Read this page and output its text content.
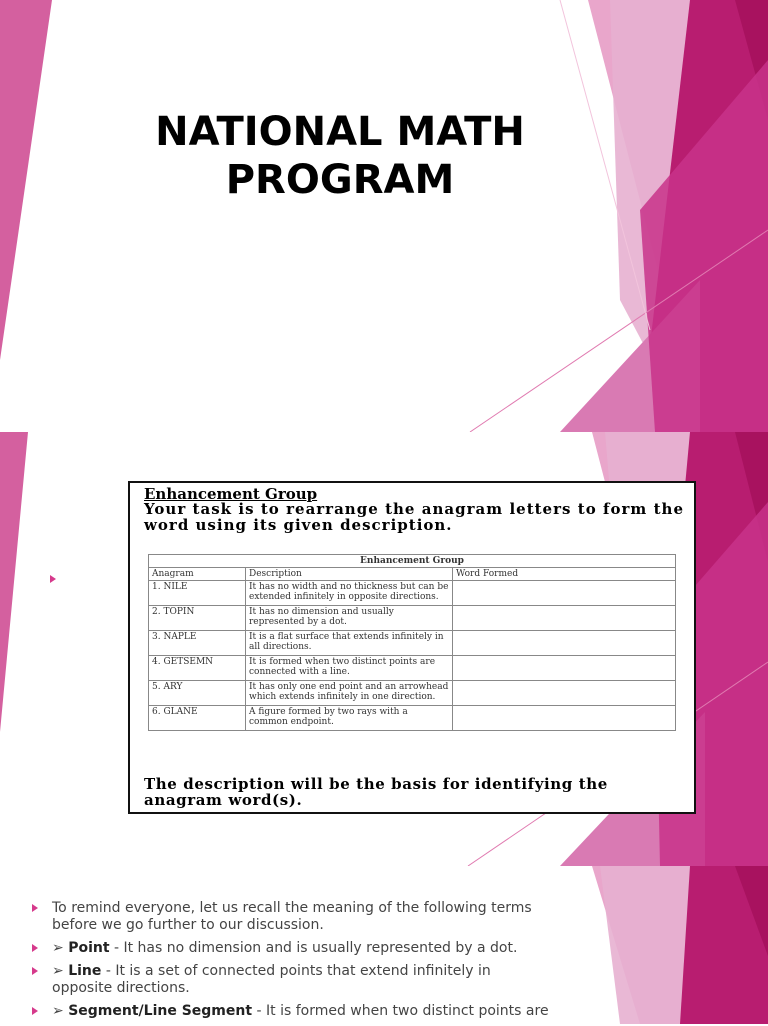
NATIONAL MATH
PROGRAM
Enhancement Group
Your task is to rearrange the anagram letters to form the word using its given description.
Enhancement Group
Anagram	Description	Word Formed
1. NILE	It has no width and no thickness but can be extended infinitely in opposite directions.	
2. TOPIN	It has no dimension and usually represented by a dot.	
3. NAPLE	It is a flat surface that extends infinitely in all directions.	
4. GETSEMN	It is formed when two distinct points are connected with a line.	
5. ARY	It has only one end point and an arrowhead which extends infinitely in one direction.	
6. GLANE	A figure formed by two rays with a common endpoint.	
The description will be the basis for identifying the anagram word(s).
To remind everyone, let us recall the meaning of the following terms before we go further to our discussion.
➢ Point - It has no dimension and is usually represented by a dot.
➢ Line - It is a set of connected points that extend infinitely in opposite directions.
➢ Segment/Line Segment - It is formed when two distinct points are
